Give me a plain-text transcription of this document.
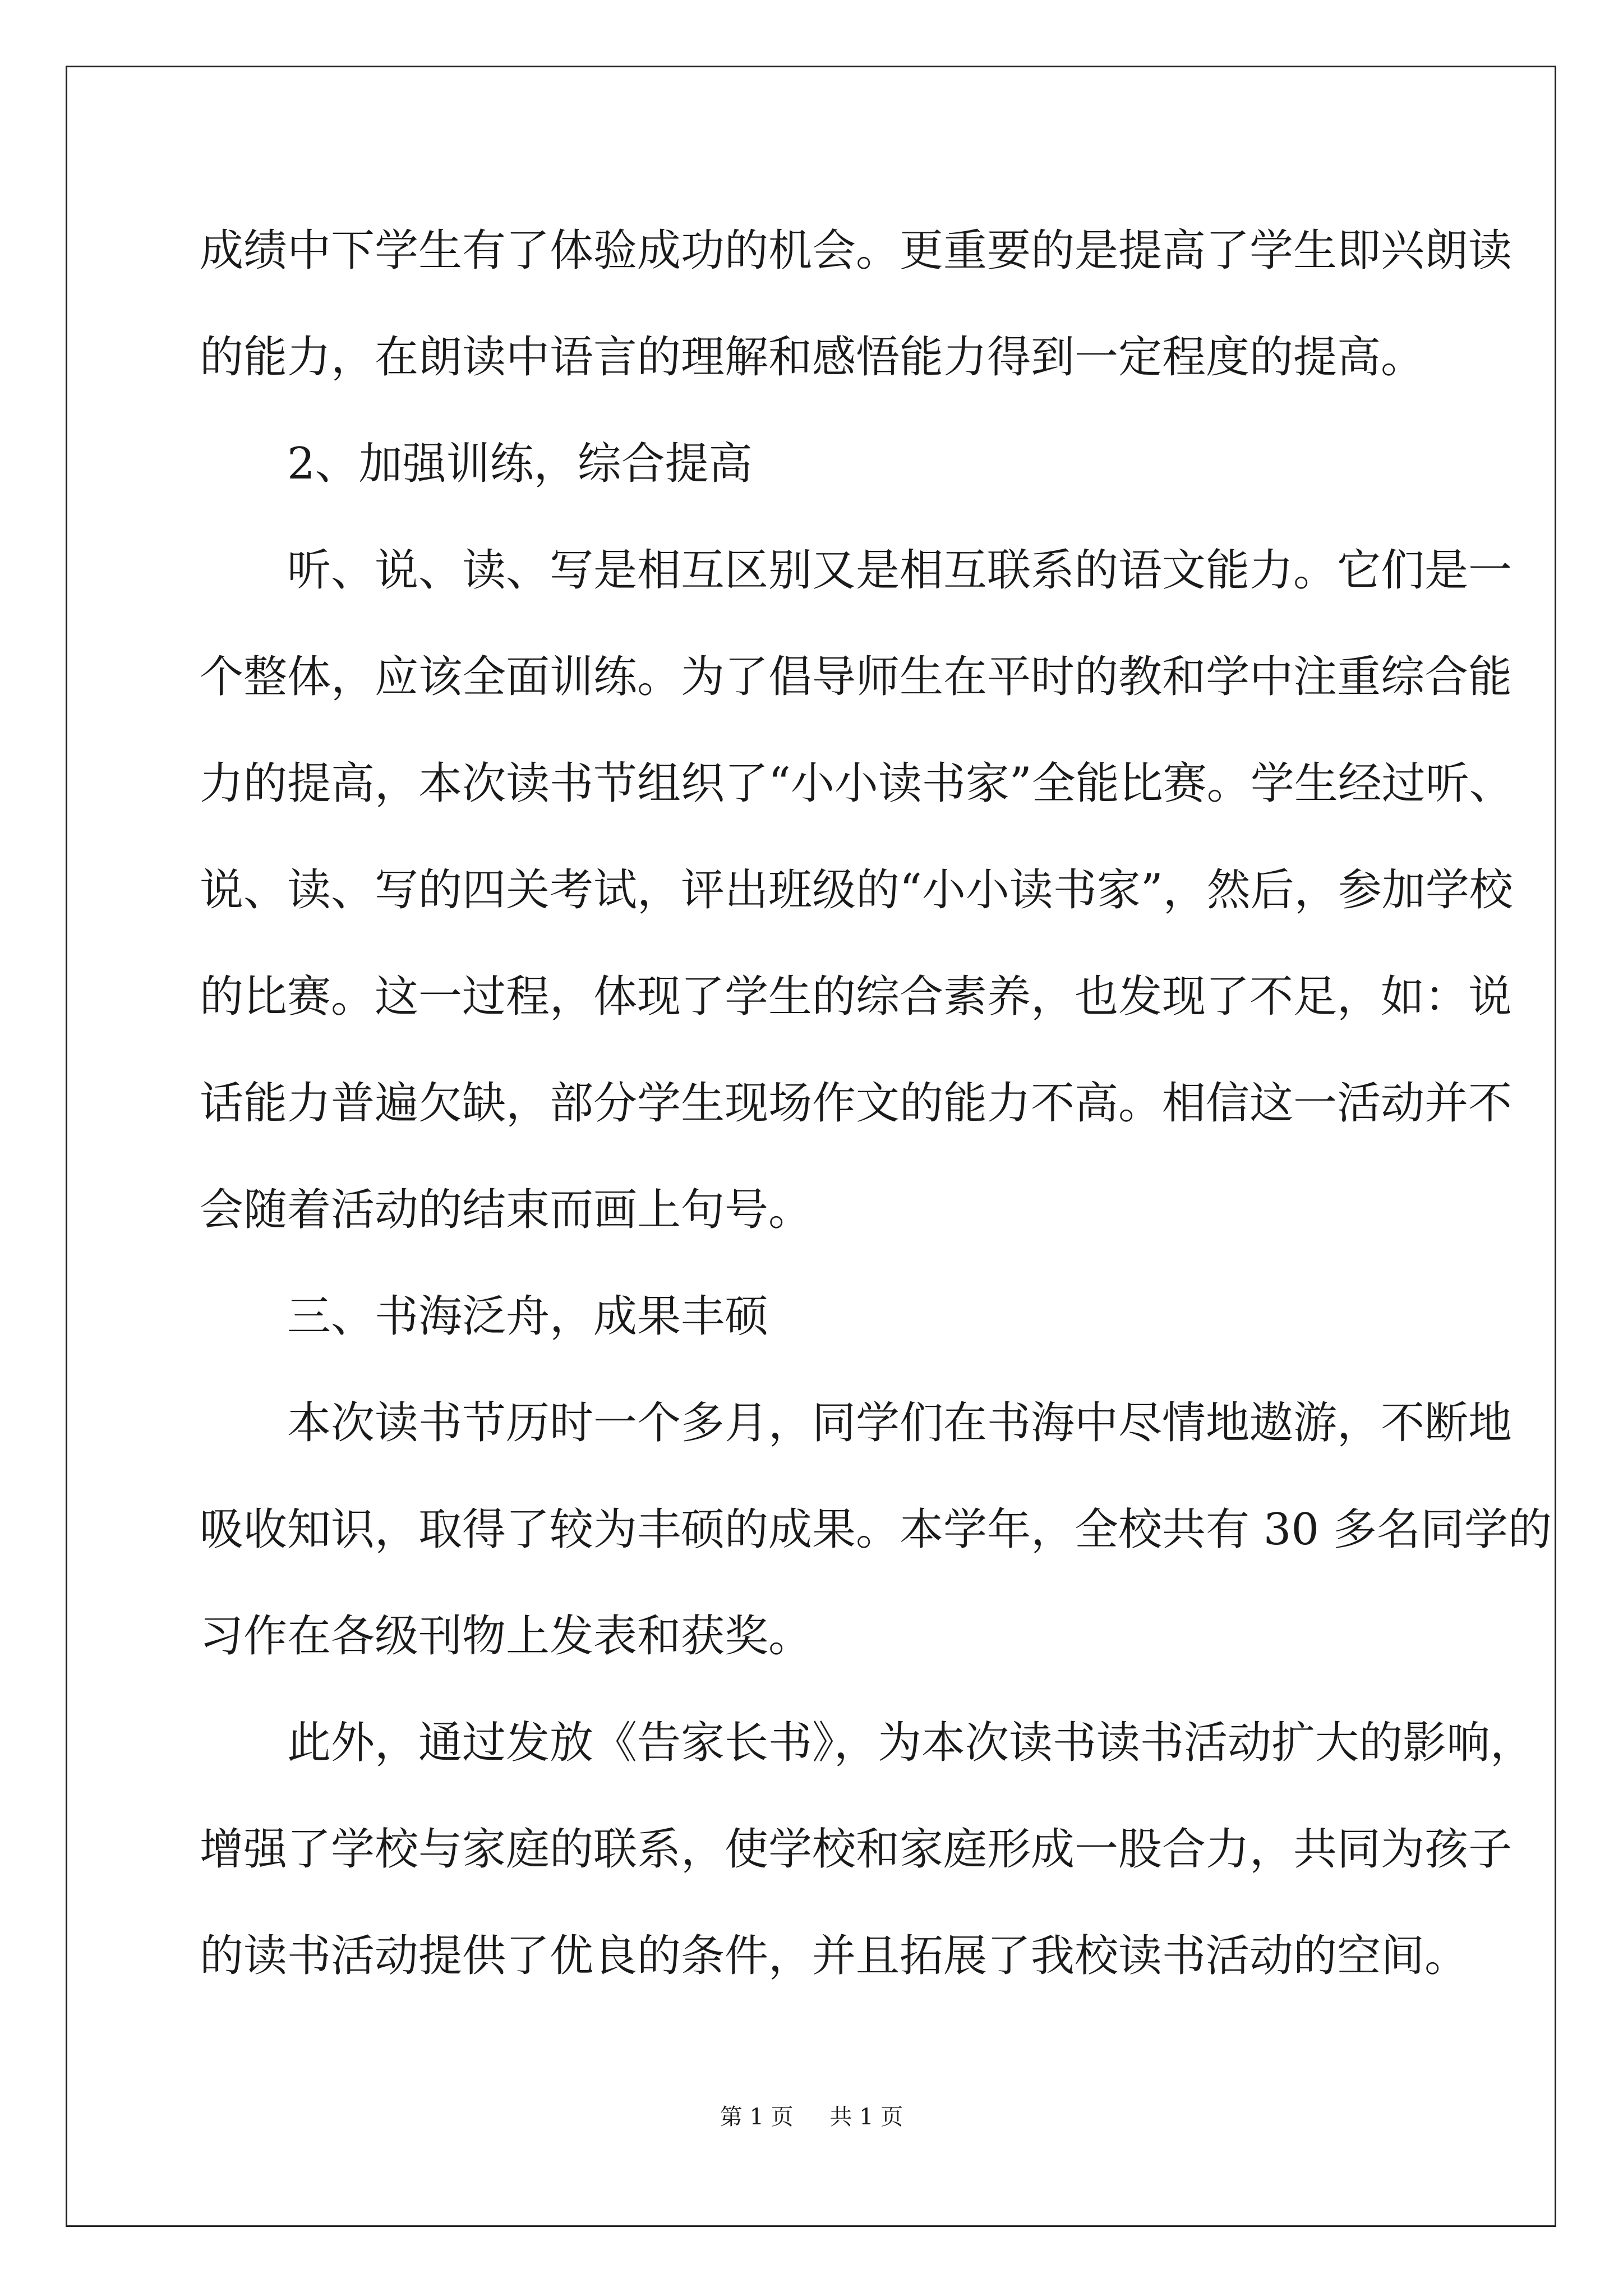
成绩中下学生有了体验成功的机会。更重要的是提高了学生即兴朗读
的能力，在朗读中语言的理解和感悟能力得到一定程度的提高。
　　2、加强训练，综合提高
　　听、说、读、写是相互区别又是相互联系的语文能力。它们是一
个整体，应该全面训练。为了倡导师生在平时的教和学中注重综合能
力的提高，本次读书节组织了“小小读书家”全能比赛。学生经过听、
说、读、写的四关考试，评出班级的“小小读书家”，然后，参加学校
的比赛。这一过程，体现了学生的综合素养，也发现了不足，如：说
话能力普遍欠缺，部分学生现场作文的能力不高。相信这一活动并不
会随着活动的结束而画上句号。
　　三、书海泛舟，成果丰硕
　　本次读书节历时一个多月，同学们在书海中尽情地遨游，不断地
吸收知识，取得了较为丰硕的成果。本学年，全校共有 30 多名同学的
习作在各级刊物上发表和获奖。
　　此外，通过发放《告家长书》，为本次读书读书活动扩大的影响，
增强了学校与家庭的联系，使学校和家庭形成一股合力，共同为孩子
的读书活动提供了优良的条件，并且拓展了我校读书活动的空间。
第 1 页 共 1 页
